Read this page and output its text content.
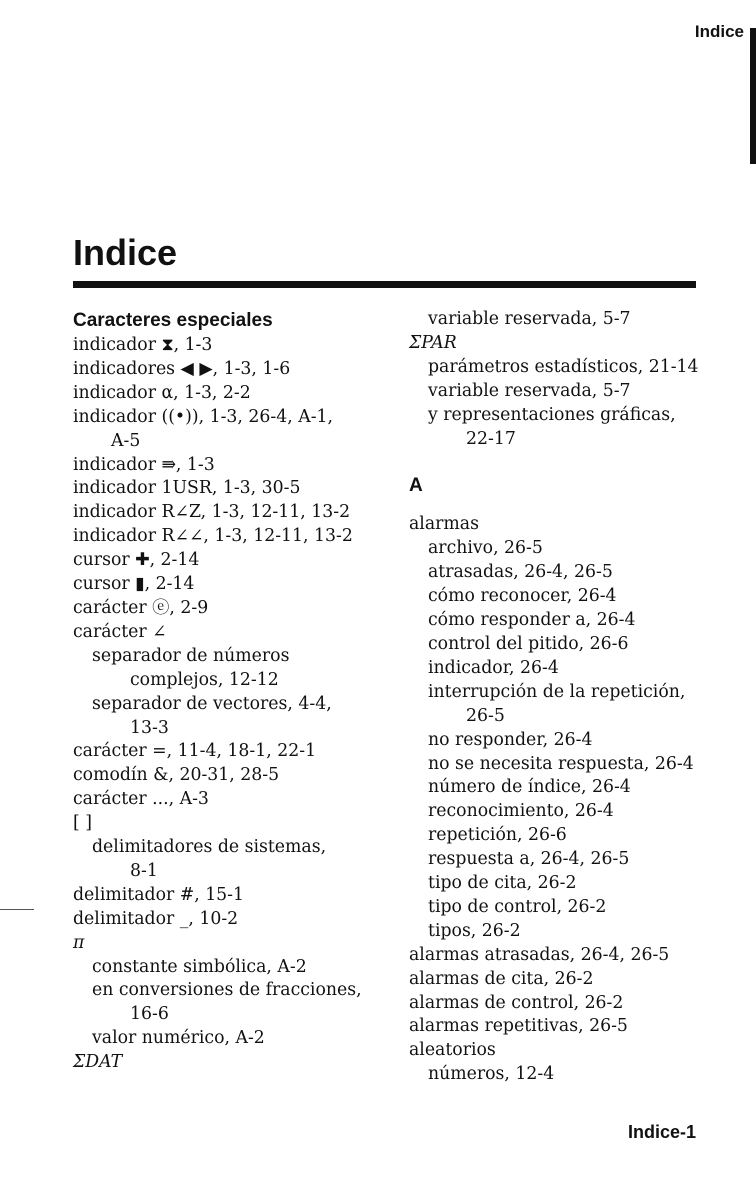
Indice
Indice
Caracteres especiales

indicador ⧗, 1-3

indicadores ◀ ▶, 1-3, 1-6

indicador α, 1-3, 2-2

indicador ((•)), 1-3, 26-4, A-1,

A-5

indicador ⇛, 1-3

indicador 1USR, 1-3, 30-5

indicador R∠Z, 1-3, 12-11, 13-2

indicador R∠∠, 1-3, 12-11, 13-2

cursor ✚, 2-14

cursor ▮, 2-14

carácter ⓔ, 2-9

carácter ∠

separador de números

complejos, 12-12

separador de vectores, 4-4,

13-3

carácter =, 11-4, 18-1, 22-1

comodín &, 20-31, 28-5

carácter ..., A-3

[ ]

delimitadores de sistemas,

8-1

delimitador #, 15-1

delimitador _, 10-2

π

constante simbólica, A-2

en conversiones de fracciones,

16-6

valor numérico, A-2

ΣDAT

variable reservada, 5-7

ΣPAR

parámetros estadísticos, 21-14

variable reservada, 5-7

y representaciones gráficas,

22-17

A

alarmas

archivo, 26-5

atrasadas, 26-4, 26-5

cómo reconocer, 26-4

cómo responder a, 26-4

control del pitido, 26-6

indicador, 26-4

interrupción de la repetición,

26-5

no responder, 26-4

no se necesita respuesta, 26-4

número de índice, 26-4

reconocimiento, 26-4

repetición, 26-6

respuesta a, 26-4, 26-5

tipo de cita, 26-2

tipo de control, 26-2

tipos, 26-2

alarmas atrasadas, 26-4, 26-5

alarmas de cita, 26-2

alarmas de control, 26-2

alarmas repetitivas, 26-5

aleatorios

números, 12-4

Indice-1
